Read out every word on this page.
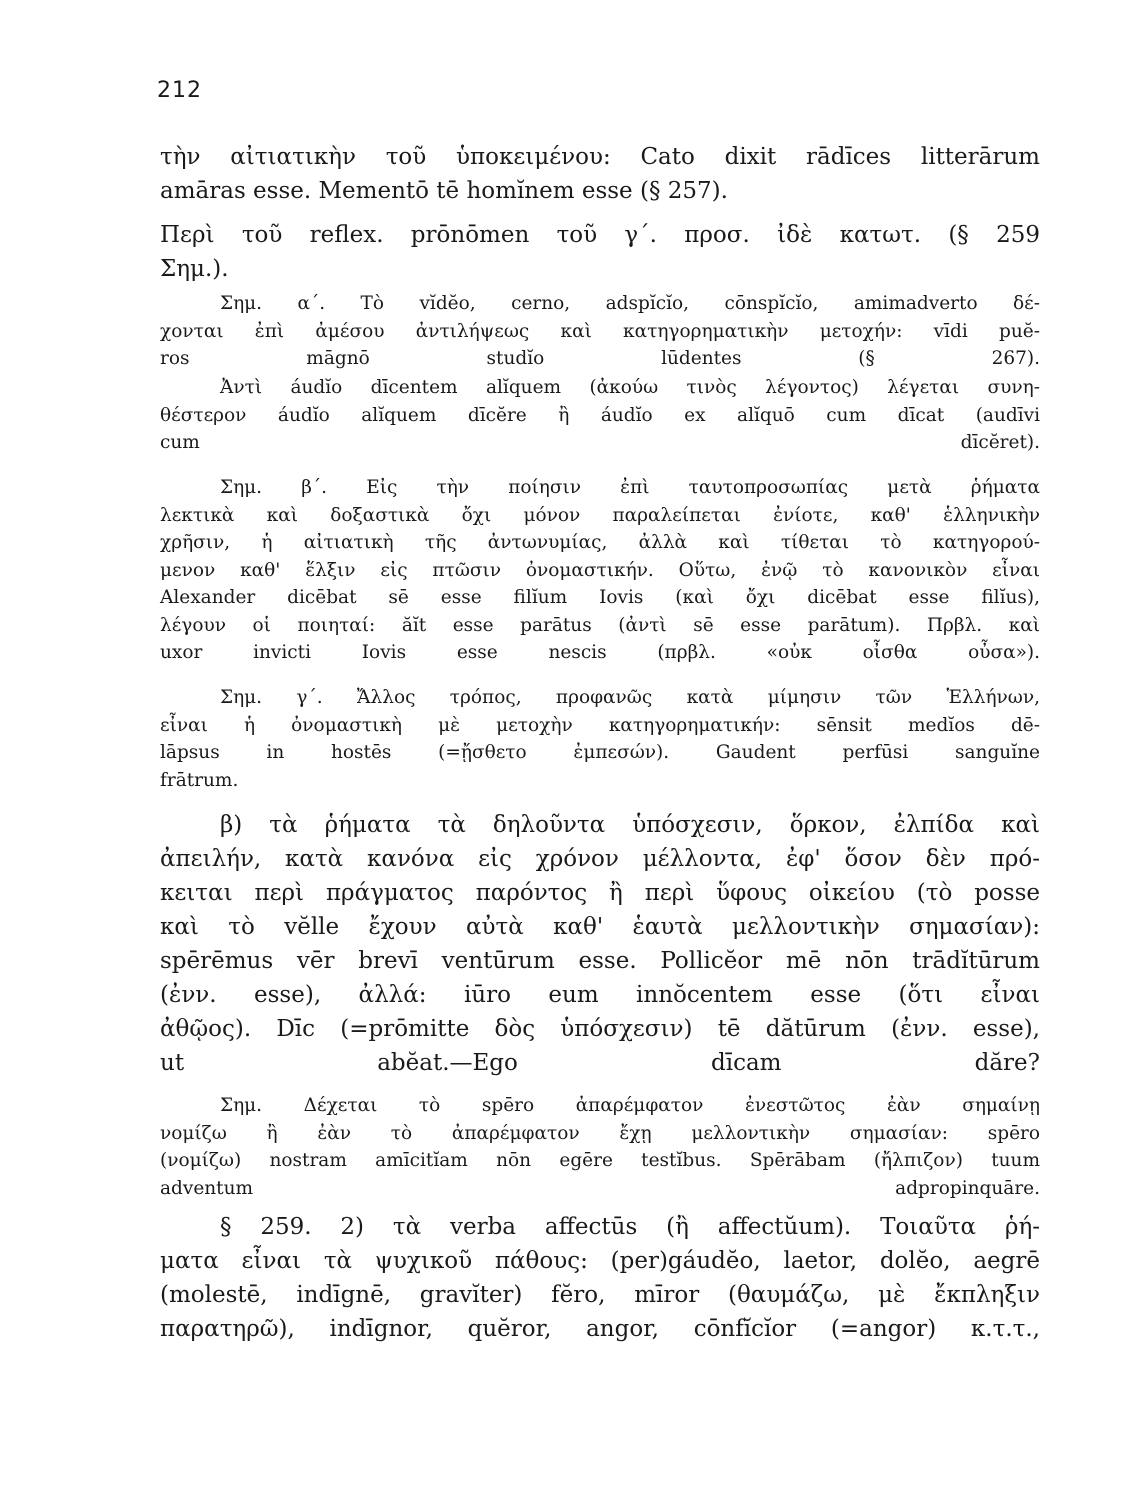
212
τὴν αἰτιατικὴν τοῦ ὑποκειμένου: Cato dixit rādīces litterārum
amāras esse. Mementō tē homĭnem esse (§ 257).
Περὶ τοῦ reflex. prōnōmen τοῦ γ΄. προσ. ἰδὲ κατωτ. (§ 259
Σημ.).
Σημ. α΄. Τὸ vĭdĕo, cerno, adspĭcĭo, cōnspĭcĭo, amimadverto δέ-
χονται ἐπὶ ἀμέσου ἀντιλήψεως καὶ κατηγορηματικὴν μετοχήν: vīdi puĕ-
ros māgnō studĭo lūdentes (§ 267).
Ἀντὶ áudĭo dīcentem alĭquem (ἀκούω τινὸς λέγοντος) λέγεται συνη-
θέστερον áudĭo alĭquem dīcĕre ἢ áudĭo ex alĭquō cum dīcat (audīvi
cum dīcĕret).
Σημ. β΄. Εἰς τὴν ποίησιν ἐπὶ ταυτοπροσωπίας μετὰ ῥήματα
λεκτικὰ καὶ δοξαστικὰ ὄχι μόνον παραλείπεται ἐνίοτε, καθ' ἑλληνικὴν
χρῆσιν, ἡ αἰτιατικὴ τῆς ἀντωνυμίας, ἀλλὰ καὶ τίθεται τὸ κατηγορού-
μενον καθ' ἕλξιν εἰς πτῶσιν ὀνομαστικήν. Οὕτω, ἐνῷ τὸ κανονικὸν εἶναι
Alexander dicēbat sē esse filĭum Iovis (καὶ ὄχι dicēbat esse filĭus),
λέγουν οἱ ποιηταί: ăĭt esse parātus (ἀντὶ sē esse parātum). Πρβλ. καὶ
uxor invicti Iovis esse nescis (πρβλ. «οὐκ οἶσθα οὖσα»).
Σημ. γ΄. Ἄλλος τρόπος, προφανῶς κατὰ μίμησιν τῶν Ἑλλήνων,
εἶναι ἡ ὀνομαστικὴ μὲ μετοχὴν κατηγορηματικήν: sēnsit medĭos dē-
lāpsus in hostēs (=ᾔσθετο ἐμπεσών). Gaudent perfūsi sanguĭne
frātrum.
β) τὰ ῥήματα τὰ δηλοῦντα ὑπόσχεσιν, ὅρκον, ἐλπίδα καὶ
ἀπειλήν, κατὰ κανόνα εἰς χρόνον μέλλοντα, ἐφ' ὅσον δὲν πρό-
κειται περὶ πράγματος παρόντος ἢ περὶ ὕφους οἰκείου (τὸ posse
καὶ τὸ vĕlle ἔχουν αὐτὰ καθ' ἑαυτὰ μελλοντικὴν σημασίαν):
spērēmus vēr brevī ventūrum esse. Pollicĕor mē nōn trādĭtūrum
(ἐνν. esse), ἀλλά: iūro eum innŏcentem esse (ὅτι εἶναι
ἀθῷος). Dīc (=prōmitte δὸς ὑπόσχεσιν) tē dătūrum (ἐνν. esse),
ut abĕat.—Ego dīcam dăre?
Σημ. Δέχεται τὸ spēro ἀπαρέμφατον ἐνεστῶτος ἐὰν σημαίνῃ
νομίζω ἢ ἐὰν τὸ ἀπαρέμφατον ἔχῃ μελλοντικὴν σημασίαν: spēro
(νομίζω) nostram amīcitĭam nōn egēre testĭbus. Spērābam (ἤλπιζον) tuum
adventum adpropinquāre.
§ 259. 2) τὰ verba affectūs (ἢ affectŭum). Τοιαῦτα ῥή-
ματα εἶναι τὰ ψυχικοῦ πάθους: (per)gáudĕo, laetor, dolĕo, aegrē
(molestē, indīgnē, gravĭter) fĕro, mīror (θαυμάζω, μὲ ἔκπληξιν
παρατηρῶ), indīgnor, quĕror, angor, cōnfĭcĭor (=angor) κ.τ.τ.,
